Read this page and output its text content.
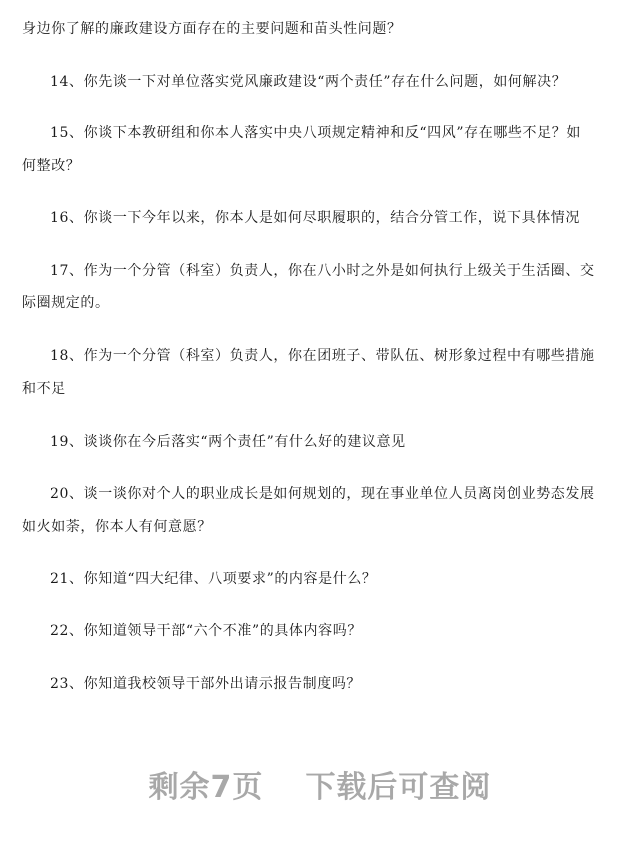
身边你了解的廉政建设方面存在的主要问题和苗头性问题？
14、你先谈一下对单位落实党风廉政建设“两个责任”存在什么问题，如何解决？
15、你谈下本教研组和你本人落实中央八项规定精神和反“四风”存在哪些不足？如
何整改？
16、你谈一下今年以来，你本人是如何尽职履职的，结合分管工作，说下具体情况
17、作为一个分管（科室）负责人，你在八小时之外是如何执行上级关于生活圈、交
际圈规定的。
18、作为一个分管（科室）负责人，你在团班子、带队伍、树形象过程中有哪些措施
和不足
19、谈谈你在今后落实“两个责任”有什么好的建议意见
20、谈一谈你对个人的职业成长是如何规划的，现在事业单位人员离岗创业势态发展
如火如荼，你本人有何意愿？
21、你知道“四大纪律、八项要求”的内容是什么？
22、你知道领导干部“六个不准”的具体内容吗？
23、你知道我校领导干部外出请示报告制度吗？
剩余7页 下载后可查阅
